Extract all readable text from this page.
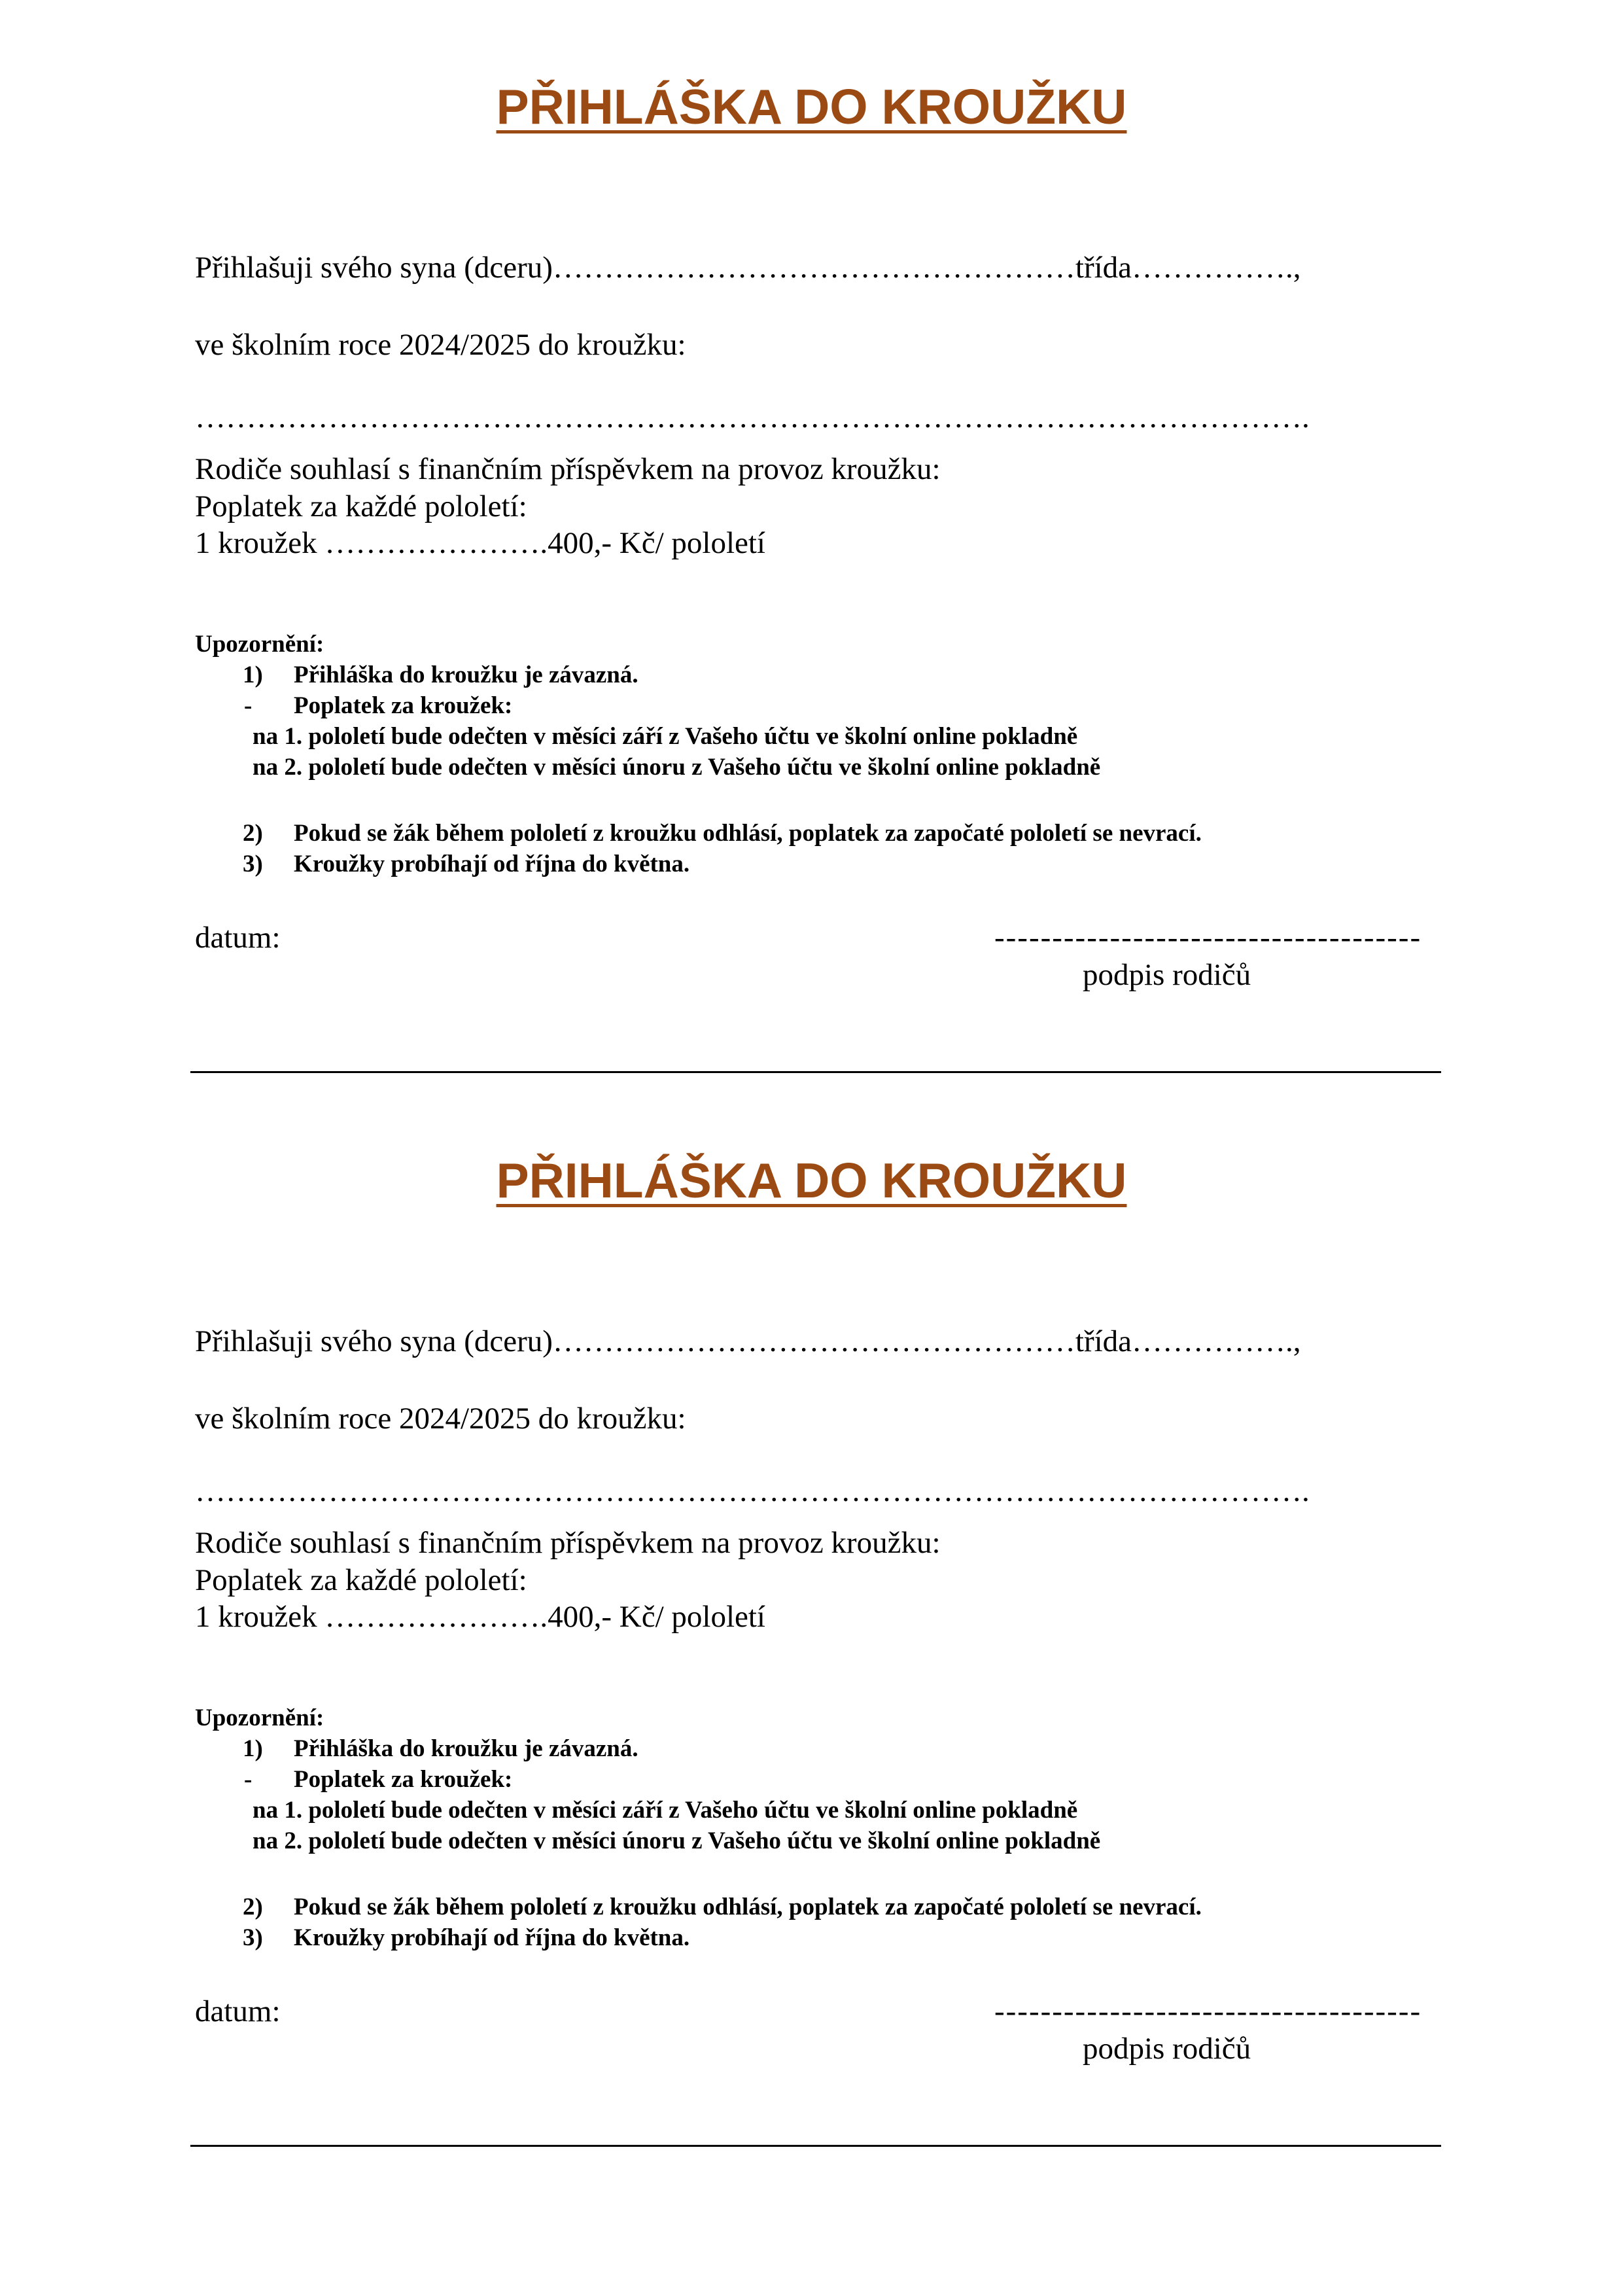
PŘIHLÁŠKA DO KROUŽKU
Přihlašuji svého syna (dceru)……………………………………………třída…………….,
ve školním roce 2024/2025 do kroužku:
……………………………………………………………………………………………….
Rodiče souhlasí s finančním příspěvkem na provoz kroužku:
Poplatek za každé pololetí:
1 kroužek ………………….400,- Kč/ pololetí
Upozornění:
1) Přihláška do kroužku je závazná.
- Poplatek za kroužek:
na 1. pololetí bude odečten v měsíci září z Vašeho účtu ve školní online pokladně
na 2. pololetí bude odečten v měsíci únoru z Vašeho účtu ve školní online pokladně
2) Pokud se žák během pololetí z kroužku odhlásí, poplatek za započaté pololetí se nevrací.
3) Kroužky probíhají od října do května.
datum:	-------------------------------------
podpis rodičů
PŘIHLÁŠKA DO KROUŽKU
Přihlašuji svého syna (dceru)……………………………………………třída…………….,
ve školním roce 2024/2025 do kroužku:
……………………………………………………………………………………………….
Rodiče souhlasí s finančním příspěvkem na provoz kroužku:
Poplatek za každé pololetí:
1 kroužek ………………….400,- Kč/ pololetí
Upozornění:
1) Přihláška do kroužku je závazná.
- Poplatek za kroužek:
na 1. pololetí bude odečten v měsíci září z Vašeho účtu ve školní online pokladně
na 2. pololetí bude odečten v měsíci únoru z Vašeho účtu ve školní online pokladně
2) Pokud se žák během pololetí z kroužku odhlásí, poplatek za započaté pololetí se nevrací.
3) Kroužky probíhají od října do května.
datum:	-------------------------------------
podpis rodičů
